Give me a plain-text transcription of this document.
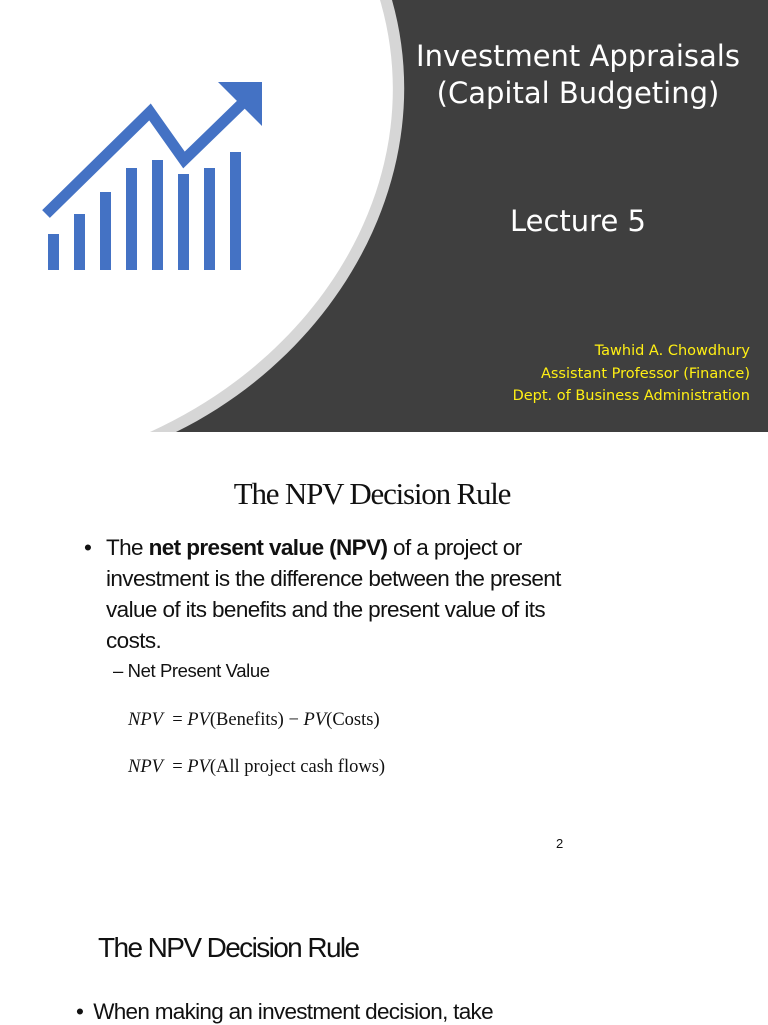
Investment Appraisals
(Capital Budgeting)
Lecture 5
Tawhid A. Chowdhury
Assistant Professor (Finance)
Dept. of Business Administration
The NPV Decision Rule
• The net present value (NPV) of a project or investment is the difference between the present value of its benefits and the present value of its costs.
– Net Present Value
NPV = PV(Benefits) − PV(Costs)
NPV = PV(All project cash flows)
2
The NPV Decision Rule
• When making an investment decision, take
